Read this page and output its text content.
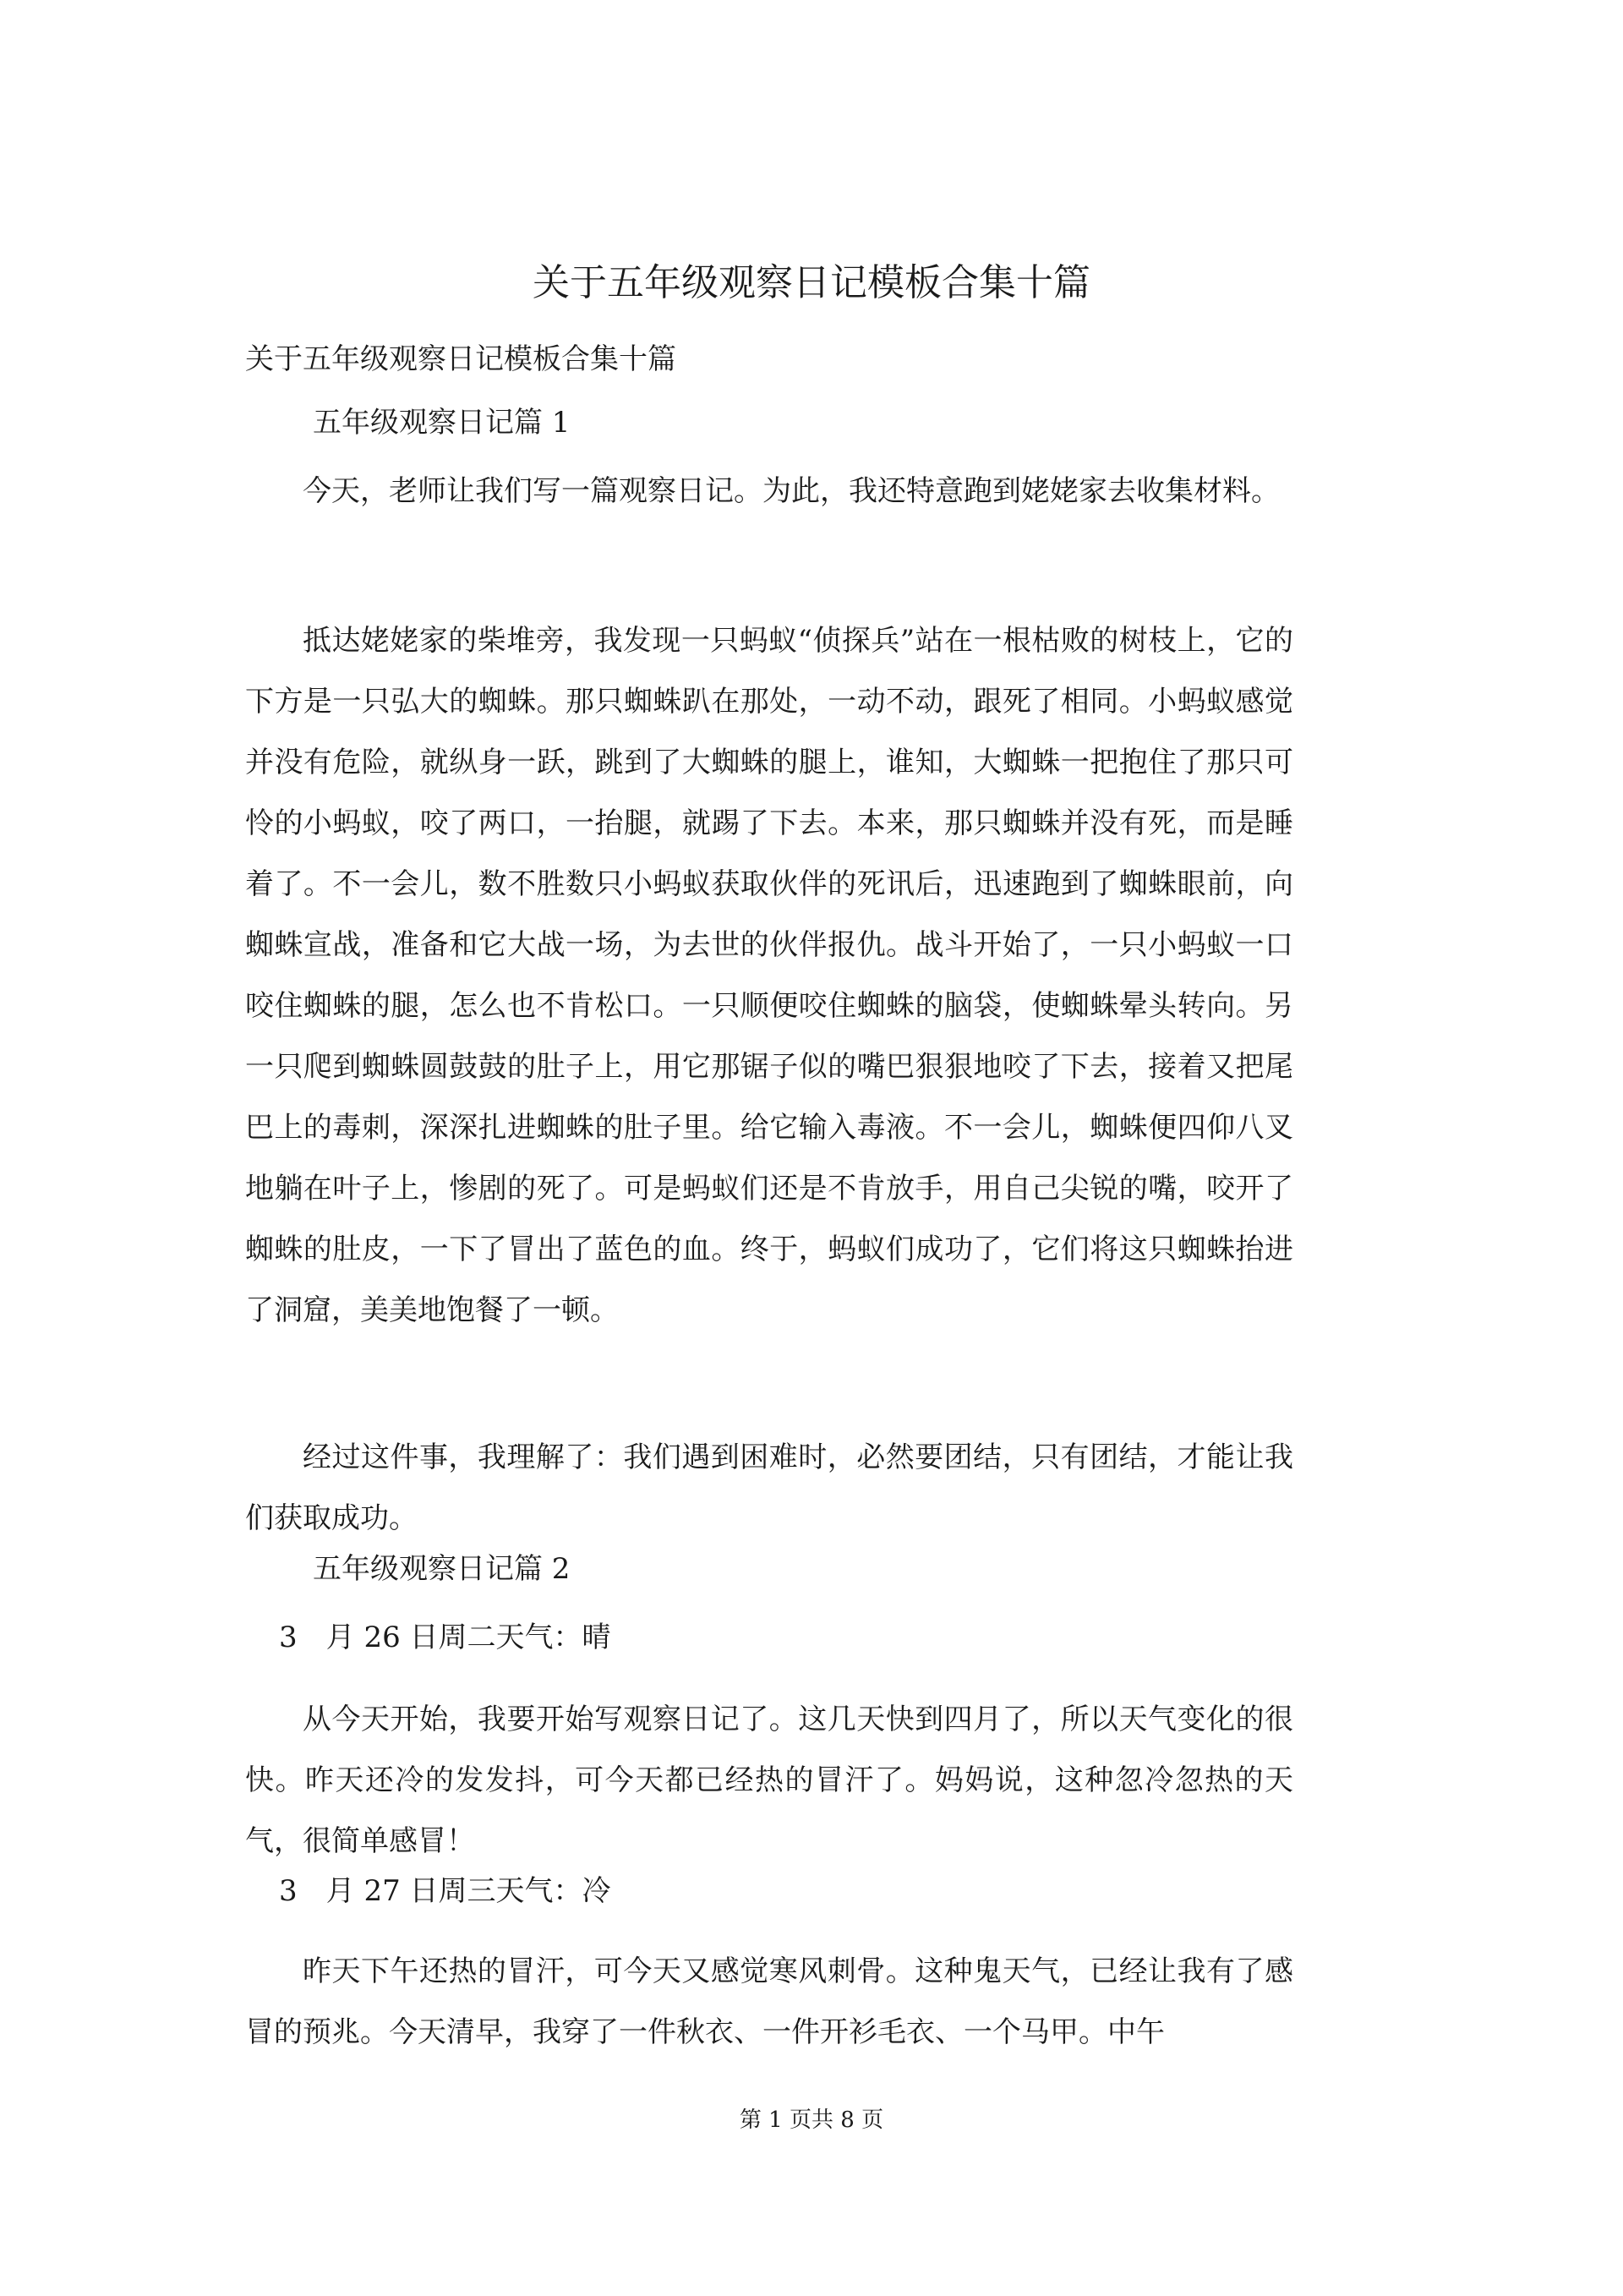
关于五年级观察日记模板合集十篇

关于五年级观察日记模板合集十篇

五年级观察日记篇 1

今天，老师让我们写一篇观察日记。为此，我还特意跑到姥姥家去收集材料。

抵达姥姥家的柴堆旁，我发现一只蚂蚁“侦探兵”站在一根枯败的树枝上，它的下方是一只弘大的蜘蛛。那只蜘蛛趴在那处，一动不动，跟死了相同。小蚂蚁感觉并没有危险，就纵身一跃，跳到了大蜘蛛的腿上，谁知，大蜘蛛一把抱住了那只可怜的小蚂蚁，咬了两口，一抬腿，就踢了下去。本来，那只蜘蛛并没有死，而是睡着了。不一会儿，数不胜数只小蚂蚁获取伙伴的死讯后，迅速跑到了蜘蛛眼前，向蜘蛛宣战，准备和它大战一场，为去世的伙伴报仇。战斗开始了，一只小蚂蚁一口咬住蜘蛛的腿，怎么也不肯松口。一只顺便咬住蜘蛛的脑袋，使蜘蛛晕头转向。另一只爬到蜘蛛圆鼓鼓的肚子上，用它那锯子似的嘴巴狠狠地咬了下去，接着又把尾巴上的毒刺，深深扎进蜘蛛的肚子里。给它输入毒液。不一会儿，蜘蛛便四仰八叉地躺在叶子上，惨剧的死了。可是蚂蚁们还是不肯放手，用自己尖锐的嘴，咬开了蜘蛛的肚皮，一下了冒出了蓝色的血。终于，蚂蚁们成功了，它们将这只蜘蛛抬进了洞窟，美美地饱餐了一顿。

经过这件事，我理解了：我们遇到困难时，必然要团结，只有团结，才能让我们获取成功。

五年级观察日记篇 2

3　月 26 日周二天气：晴

从今天开始，我要开始写观察日记了。这几天快到四月了，所以天气变化的很快。昨天还冷的发发抖，可今天都已经热的冒汗了。妈妈说，这种忽冷忽热的天气，很简单感冒！

3　月 27 日周三天气：冷

昨天下午还热的冒汗，可今天又感觉寒风刺骨。这种鬼天气，已经让我有了感冒的预兆。今天清早，我穿了一件秋衣、一件开衫毛衣、一个马甲。中午

第 1 页共 8 页
